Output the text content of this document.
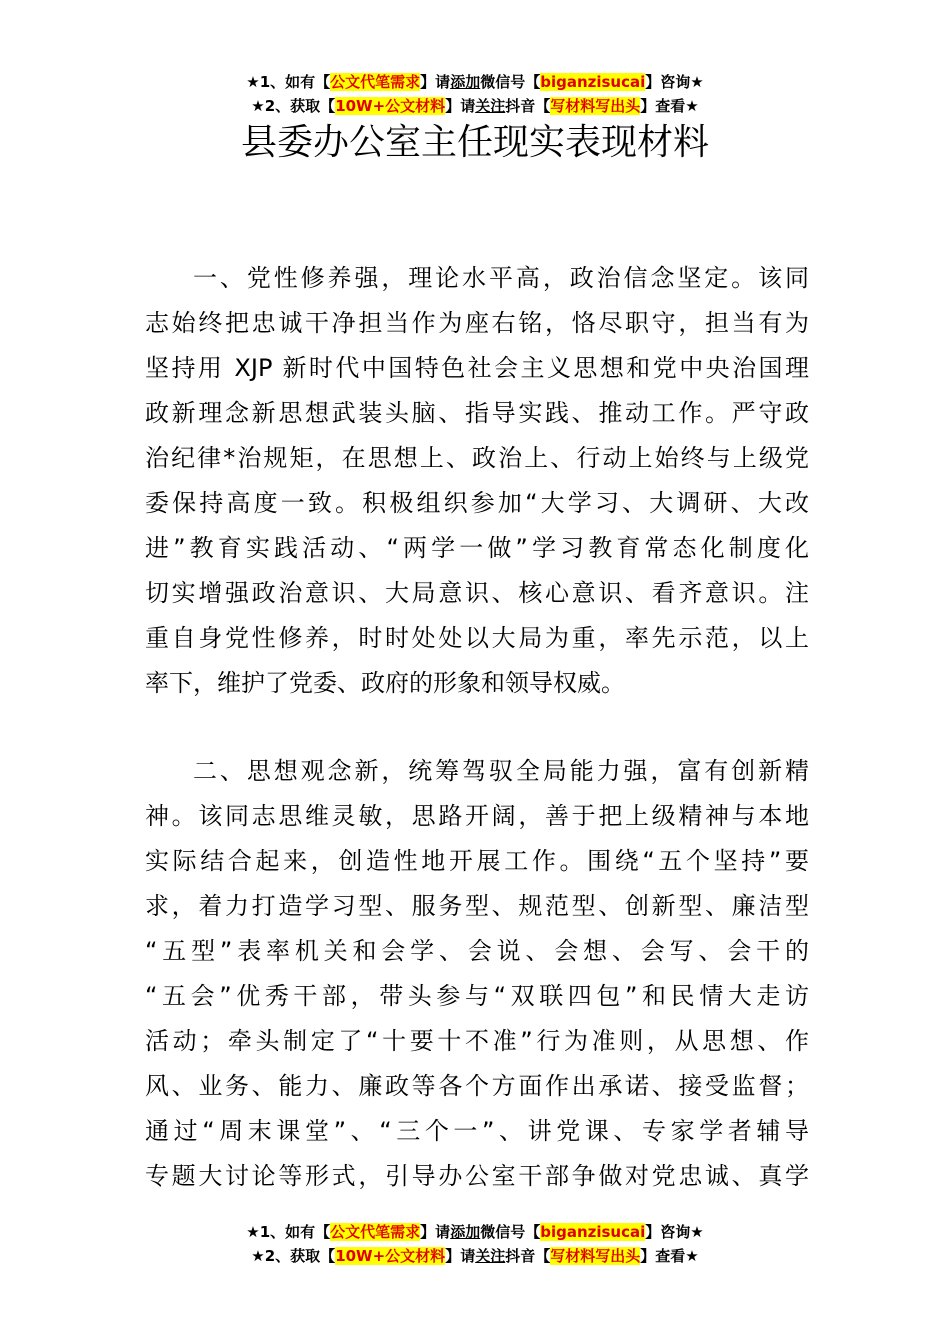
★1、如有【公文代笔需求】请添加微信号【biganzisucai】咨询★
★2、获取【10W+公文材料】请关注抖音【写材料写出头】查看★
县委办公室主任现实表现材料
一、党性修养强，理论水平高，政治信念坚定。该同
志始终把忠诚干净担当作为座右铭，恪尽职守，担当有为
坚持用 XJP 新时代中国特色社会主义思想和党中央治国理
政新理念新思想武装头脑、指导实践、推动工作。严守政
治纪律*治规矩，在思想上、政治上、行动上始终与上级党
委保持高度一致。积极组织参加“大学习、大调研、大改
进”教育实践活动、“两学一做”学习教育常态化制度化
切实增强政治意识、大局意识、核心意识、看齐意识。注
重自身党性修养，时时处处以大局为重，率先示范，以上
率下，维护了党委、政府的形象和领导权威。
二、思想观念新，统筹驾驭全局能力强，富有创新精
神。该同志思维灵敏，思路开阔，善于把上级精神与本地
实际结合起来，创造性地开展工作。围绕“五个坚持”要
求，着力打造学习型、服务型、规范型、创新型、廉洁型
“五型”表率机关和会学、会说、会想、会写、会干的
“五会”优秀干部，带头参与“双联四包”和民情大走访
活动；牵头制定了“十要十不准”行为准则，从思想、作
风、业务、能力、廉政等各个方面作出承诺、接受监督；
通过“周末课堂”、“三个一”、讲党课、专家学者辅导
专题大讨论等形式，引导办公室干部争做对党忠诚、真学
★1、如有【公文代笔需求】请添加微信号【biganzisucai】咨询★
★2、获取【10W+公文材料】请关注抖音【写材料写出头】查看★
